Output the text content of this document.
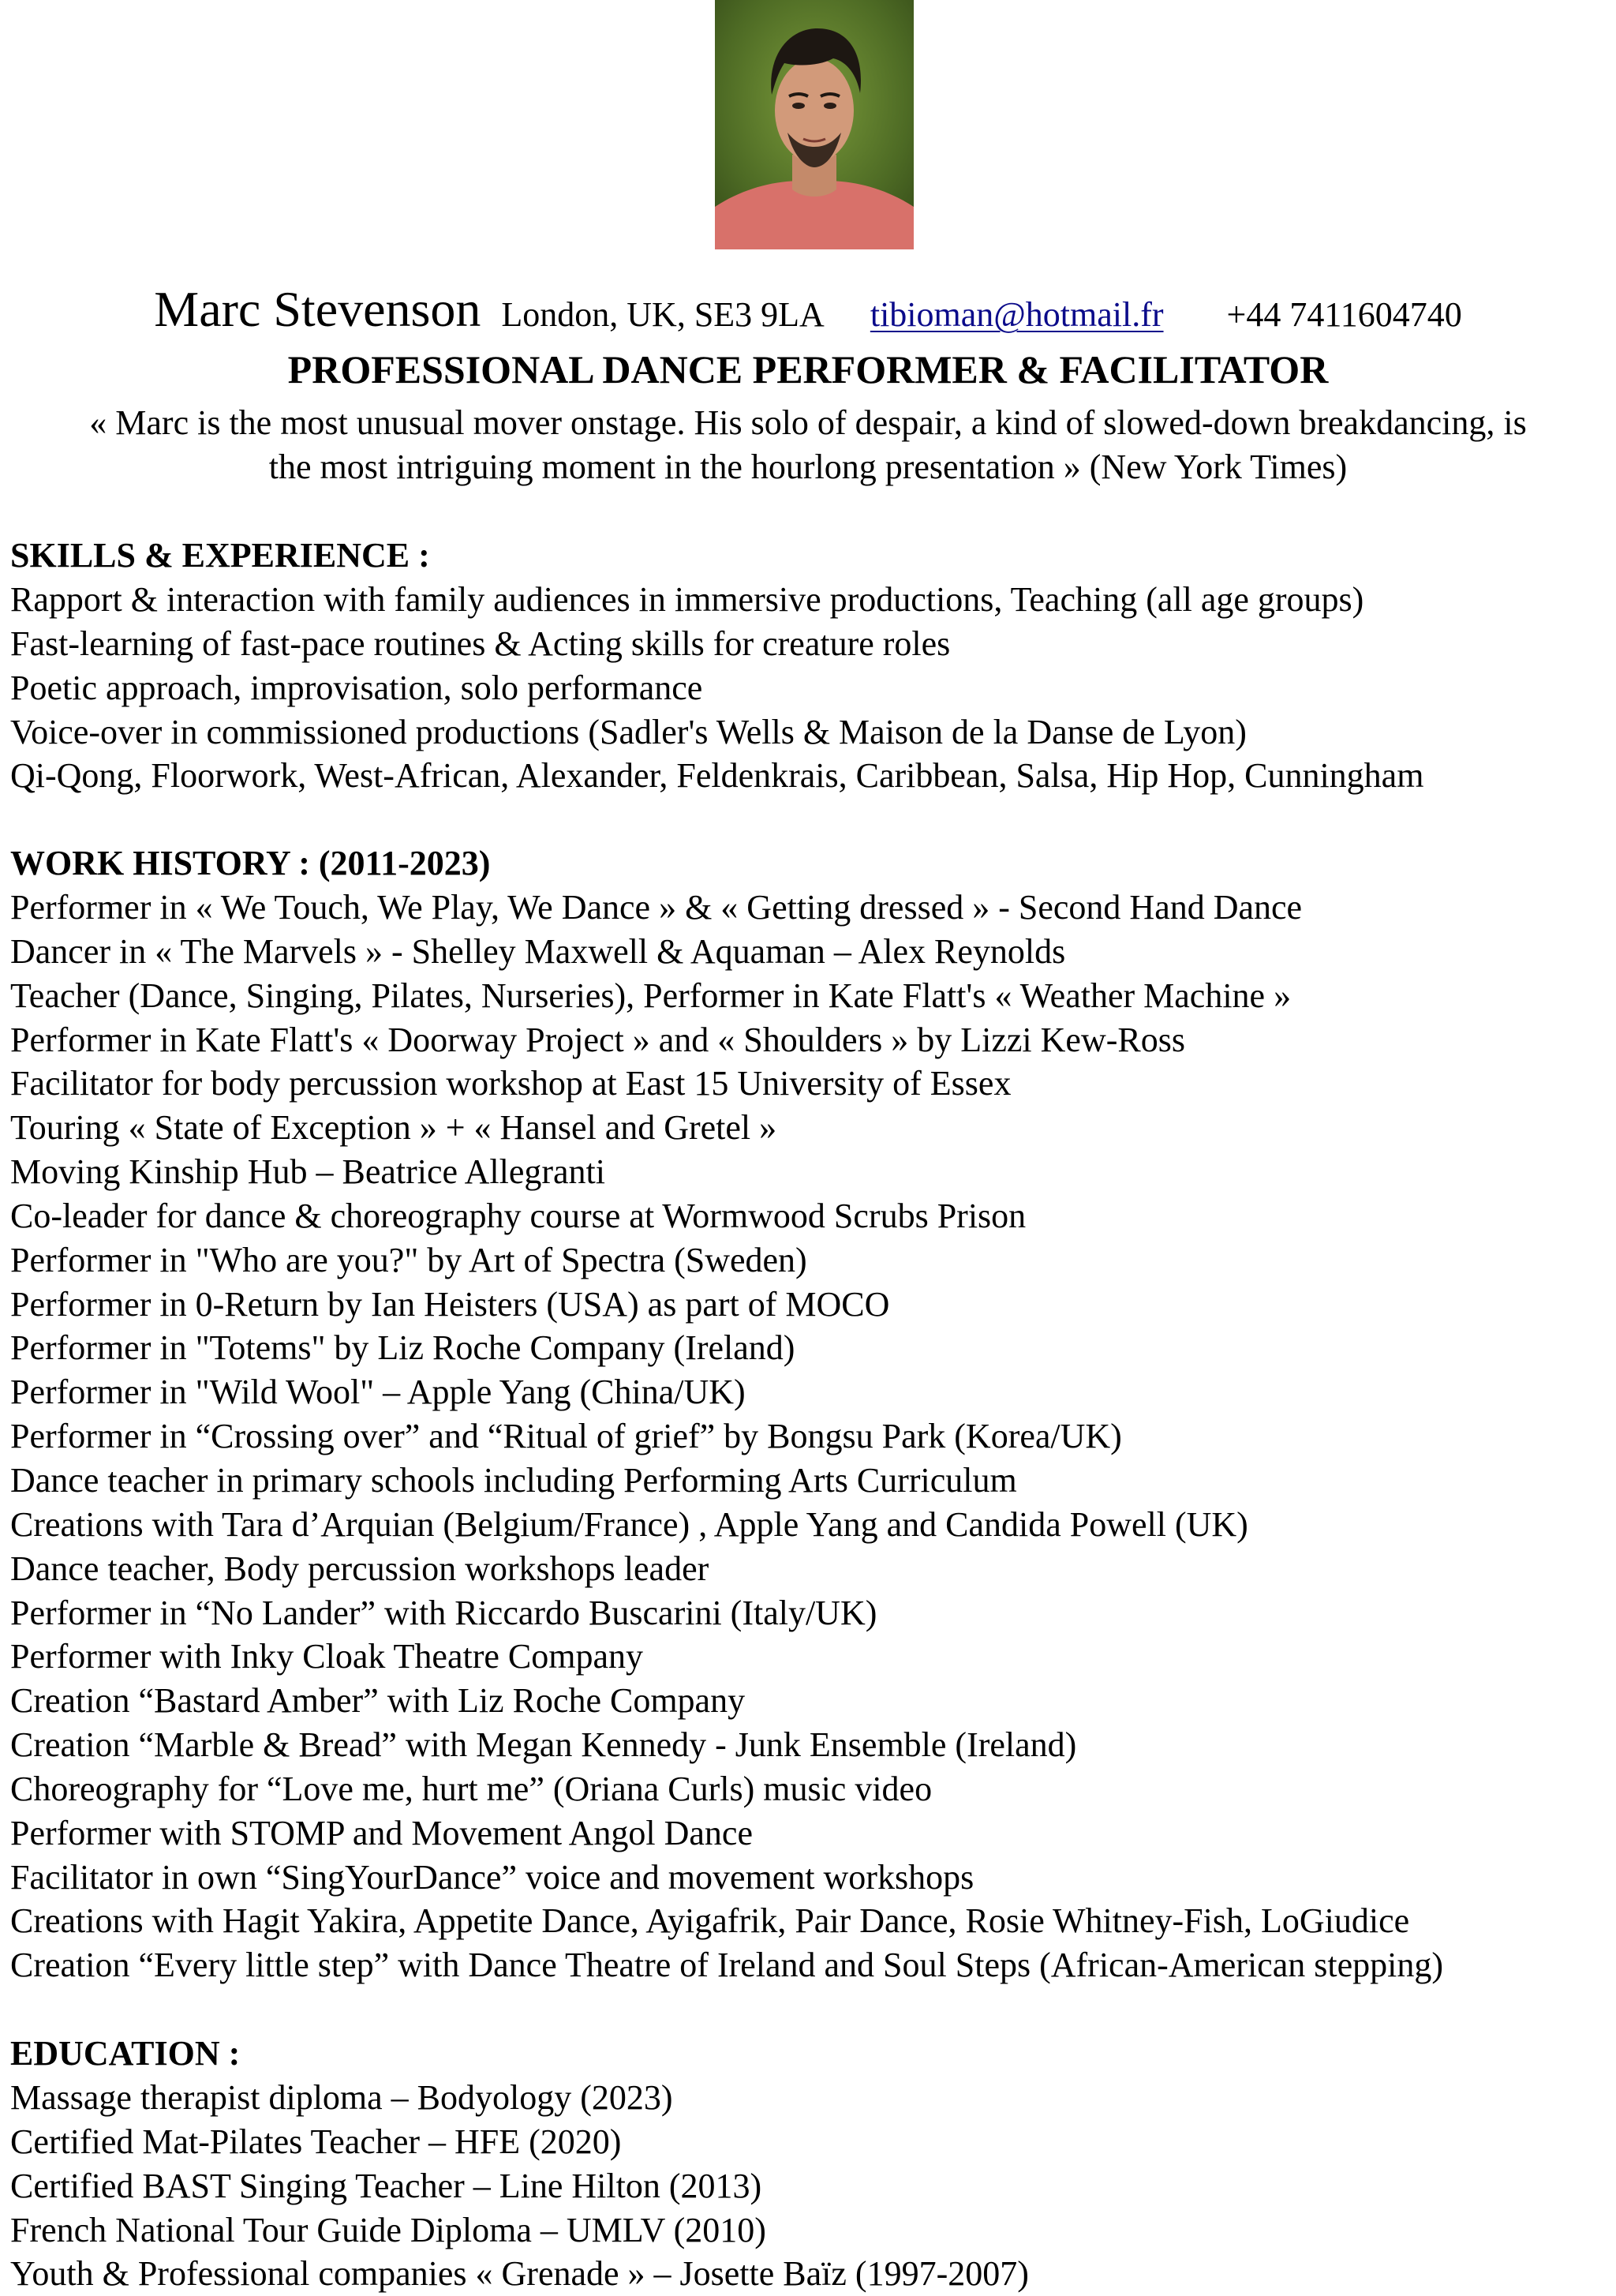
Marc Stevenson London, UK, SE3 9LA tibioman@hotmail.fr +44 7411604740
PROFESSIONAL DANCE PERFORMER & FACILITATOR
« Marc is the most unusual mover onstage. His solo of despair, a kind of slowed-down breakdancing, is
the most intriguing moment in the hourlong presentation » (New York Times)
SKILLS & EXPERIENCE :
Rapport & interaction with family audiences in immersive productions, Teaching (all age groups)
Fast-learning of fast-pace routines & Acting skills for creature roles
Poetic approach, improvisation, solo performance
Voice-over in commissioned productions (Sadler's Wells & Maison de la Danse de Lyon)
Qi-Qong, Floorwork, West-African, Alexander, Feldenkrais, Caribbean, Salsa, Hip Hop, Cunningham
WORK HISTORY : (2011-2023)
Performer in « We Touch, We Play, We Dance » & « Getting dressed » - Second Hand Dance
Dancer in « The Marvels » - Shelley Maxwell & Aquaman – Alex Reynolds
Teacher (Dance, Singing, Pilates, Nurseries), Performer in Kate Flatt's « Weather Machine »
Performer in Kate Flatt's « Doorway Project » and « Shoulders » by Lizzi Kew-Ross
Facilitator for body percussion workshop at East 15 University of Essex
Touring « State of Exception » + « Hansel and Gretel »
Moving Kinship Hub – Beatrice Allegranti
Co-leader for dance & choreography course at Wormwood Scrubs Prison
Performer in "Who are you?" by Art of Spectra (Sweden)
Performer in 0-Return by Ian Heisters (USA) as part of MOCO
Performer in "Totems" by Liz Roche Company (Ireland)
Performer in "Wild Wool" – Apple Yang (China/UK)
Performer in “Crossing over” and “Ritual of grief” by Bongsu Park (Korea/UK)
Dance teacher in primary schools including Performing Arts Curriculum
Creations with Tara d’Arquian (Belgium/France) , Apple Yang and Candida Powell (UK)
Dance teacher, Body percussion workshops leader
Performer in “No Lander” with Riccardo Buscarini (Italy/UK)
Performer with Inky Cloak Theatre Company
Creation “Bastard Amber” with Liz Roche Company
Creation “Marble & Bread” with Megan Kennedy - Junk Ensemble (Ireland)
Choreography for “Love me, hurt me” (Oriana Curls) music video
Performer with STOMP and Movement Angol Dance
Facilitator in own “SingYourDance” voice and movement workshops
Creations with Hagit Yakira, Appetite Dance, Ayigafrik, Pair Dance, Rosie Whitney-Fish, LoGiudice
Creation “Every little step” with Dance Theatre of Ireland and Soul Steps (African-American stepping)
EDUCATION :
Massage therapist diploma – Bodyology (2023)
Certified Mat-Pilates Teacher – HFE (2020)
Certified BAST Singing Teacher – Line Hilton (2013)
French National Tour Guide Diploma – UMLV (2010)
Youth & Professional companies « Grenade » – Josette Baïz (1997-2007)
